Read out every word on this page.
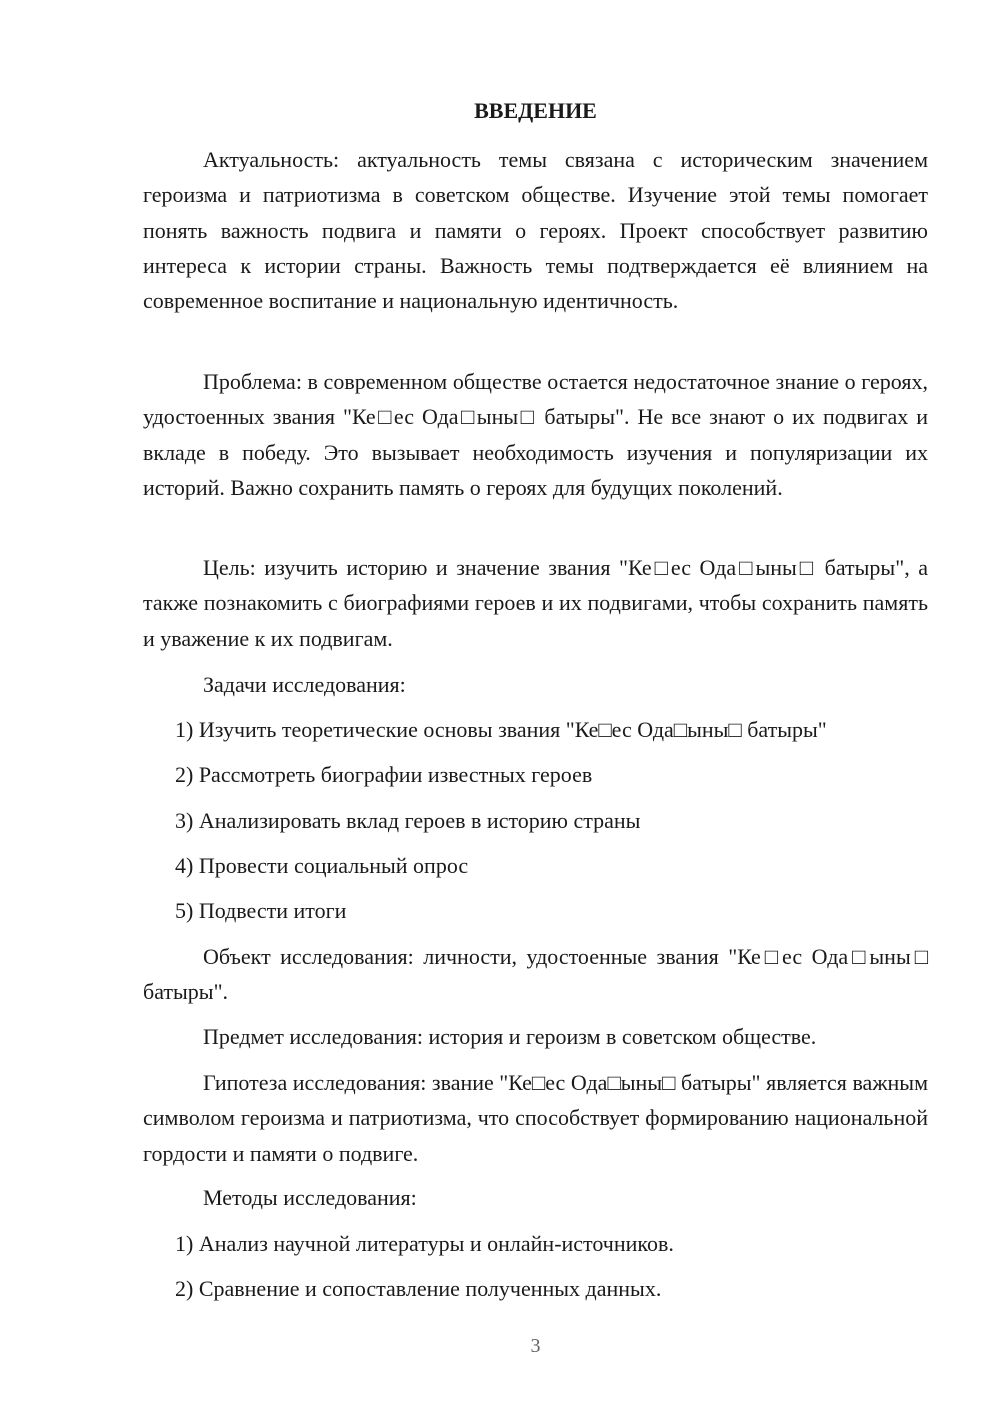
ВВЕДЕНИЕ

Актуальность: актуальность темы связана с историческим значением героизма и патриотизма в советском обществе. Изучение этой темы помогает понять важность подвига и памяти о героях. Проект способствует развитию интереса к истории страны. Важность темы подтверждается её влиянием на современное воспитание и национальную идентичность.

Проблема: в современном обществе остается недостаточное знание о героях, удостоенных звания "Ке□ес Ода□ыны□ батыры". Не все знают о их подвигах и вкладе в победу. Это вызывает необходимость изучения и популяризации их историй. Важно сохранить память о героях для будущих поколений.

Цель: изучить историю и значение звания "Ке□ес Ода□ыны□ батыры", а также познакомить с биографиями героев и их подвигами, чтобы сохранить память и уважение к их подвигам.

Задачи исследования:

1) Изучить теоретические основы звания "Ке□ес Ода□ыны□ батыры"

2) Рассмотреть биографии известных героев

3) Анализировать вклад героев в историю страны

4) Провести социальный опрос

5) Подвести итоги

Объект исследования: личности, удостоенные звания "Ке□ес Ода□ыны□ батыры".

Предмет исследования: история и героизм в советском обществе.

Гипотеза исследования: звание "Ке□ес Ода□ыны□ батыры" является важным символом героизма и патриотизма, что способствует формированию национальной гордости и памяти о подвиге.

Методы исследования:

1) Анализ научной литературы и онлайн-источников.

2) Сравнение и сопоставление полученных данных.

3
